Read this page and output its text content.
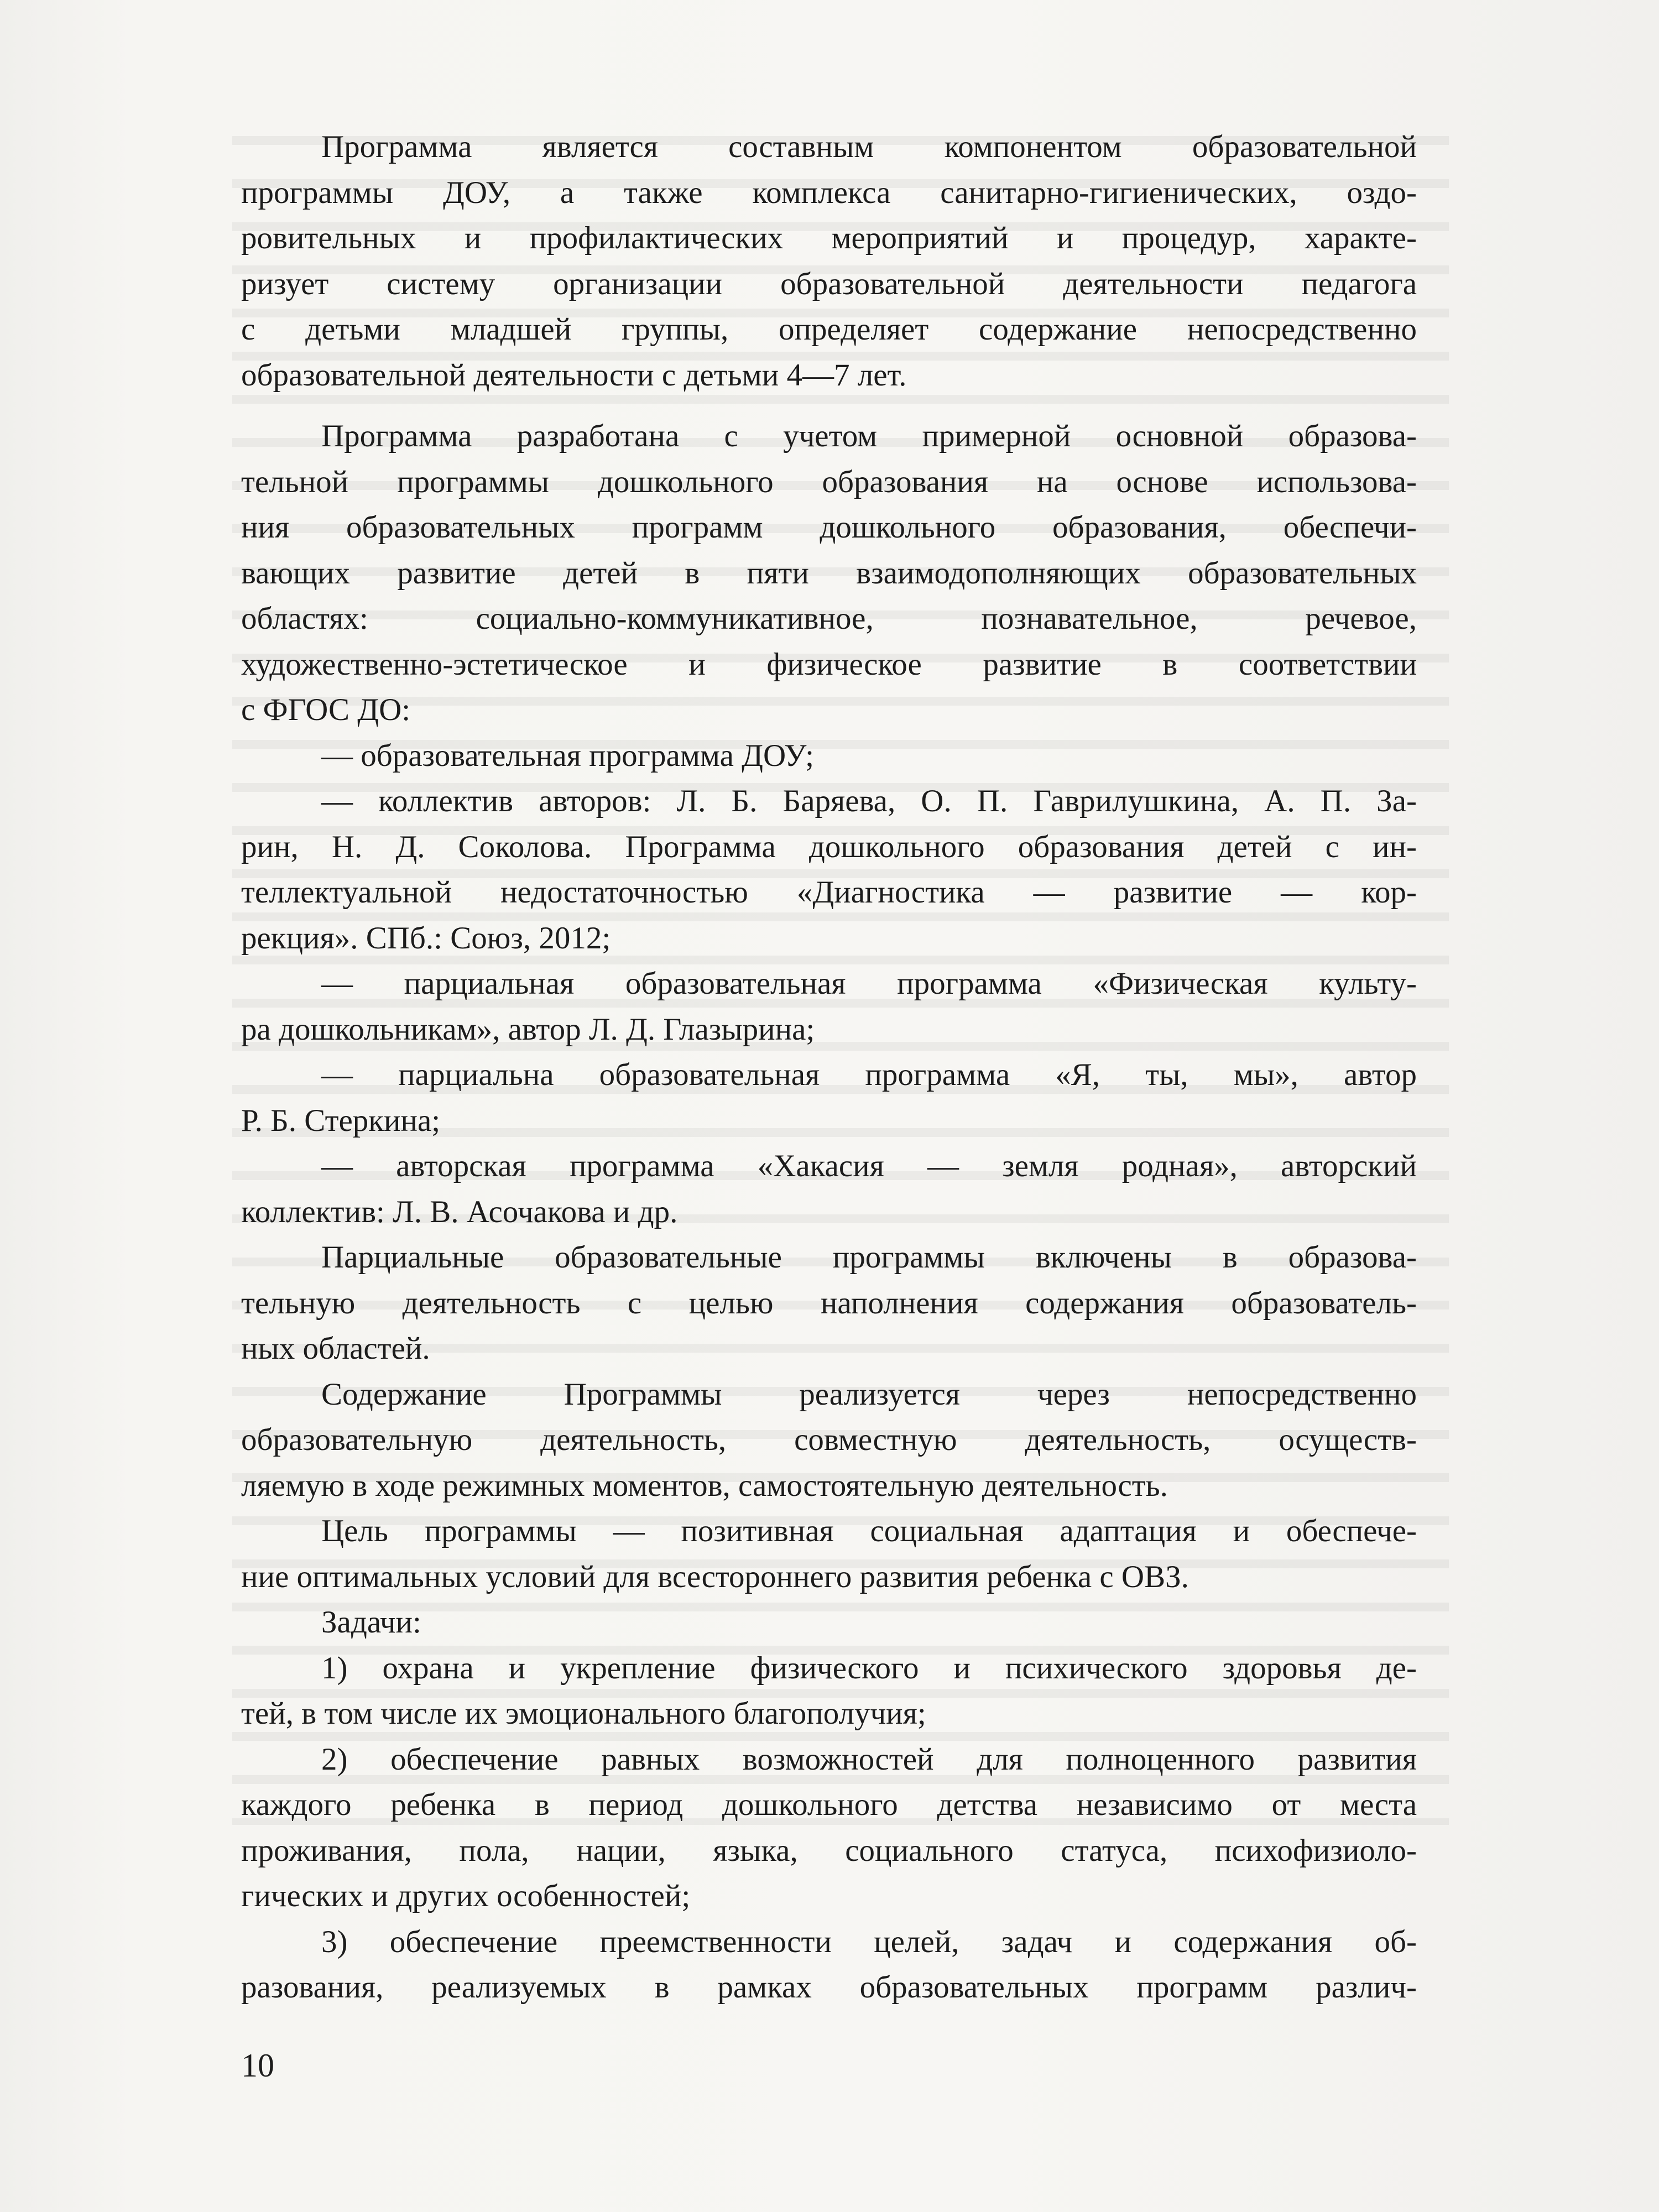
Программа является составным компонентом образовательной
программы ДОУ, а также комплекса санитарно-гигиенических, оздо-
ровительных и профилактических мероприятий и процедур, характе-
ризует систему организации образовательной деятельности педагога
с детьми младшей группы, определяет содержание непосредственно
образовательной деятельности с детьми 4—7 лет.
Программа разработана с учетом примерной основной образова-
тельной программы дошкольного образования на основе использова-
ния образовательных программ дошкольного образования, обеспечи-
вающих развитие детей в пяти взаимодополняющих образовательных
областях: социально-коммуникативное, познавательное, речевое,
художественно-эстетическое и физическое развитие в соответствии
с ФГОС ДО:
— образовательная программа ДОУ;
— коллектив авторов: Л. Б. Баряева, О. П. Гаврилушкина, А. П. За-
рин, Н. Д. Соколова. Программа дошкольного образования детей с ин-
теллектуальной недостаточностью «Диагностика — развитие — кор-
рекция». СПб.: Союз, 2012;
— парциальная образовательная программа «Физическая культу-
ра дошкольникам», автор Л. Д. Глазырина;
— парциальна образовательная программа «Я, ты, мы», автор
Р. Б. Стеркина;
— авторская программа «Хакасия — земля родная», авторский
коллектив: Л. В. Асочакова и др.
Парциальные образовательные программы включены в образова-
тельную деятельность с целью наполнения содержания образователь-
ных областей.
Содержание Программы реализуется через непосредственно
образовательную деятельность, совместную деятельность, осуществ-
ляемую в ходе режимных моментов, самостоятельную деятельность.
Цель программы — позитивная социальная адаптация и обеспече-
ние оптимальных условий для всестороннего развития ребенка с ОВЗ.
Задачи:
1) охрана и укрепление физического и психического здоровья де-
тей, в том числе их эмоционального благополучия;
2) обеспечение равных возможностей для полноценного развития
каждого ребенка в период дошкольного детства независимо от места
проживания, пола, нации, языка, социального статуса, психофизиоло-
гических и других особенностей;
3) обеспечение преемственности целей, задач и содержания об-
разования, реализуемых в рамках образовательных программ различ-
10
